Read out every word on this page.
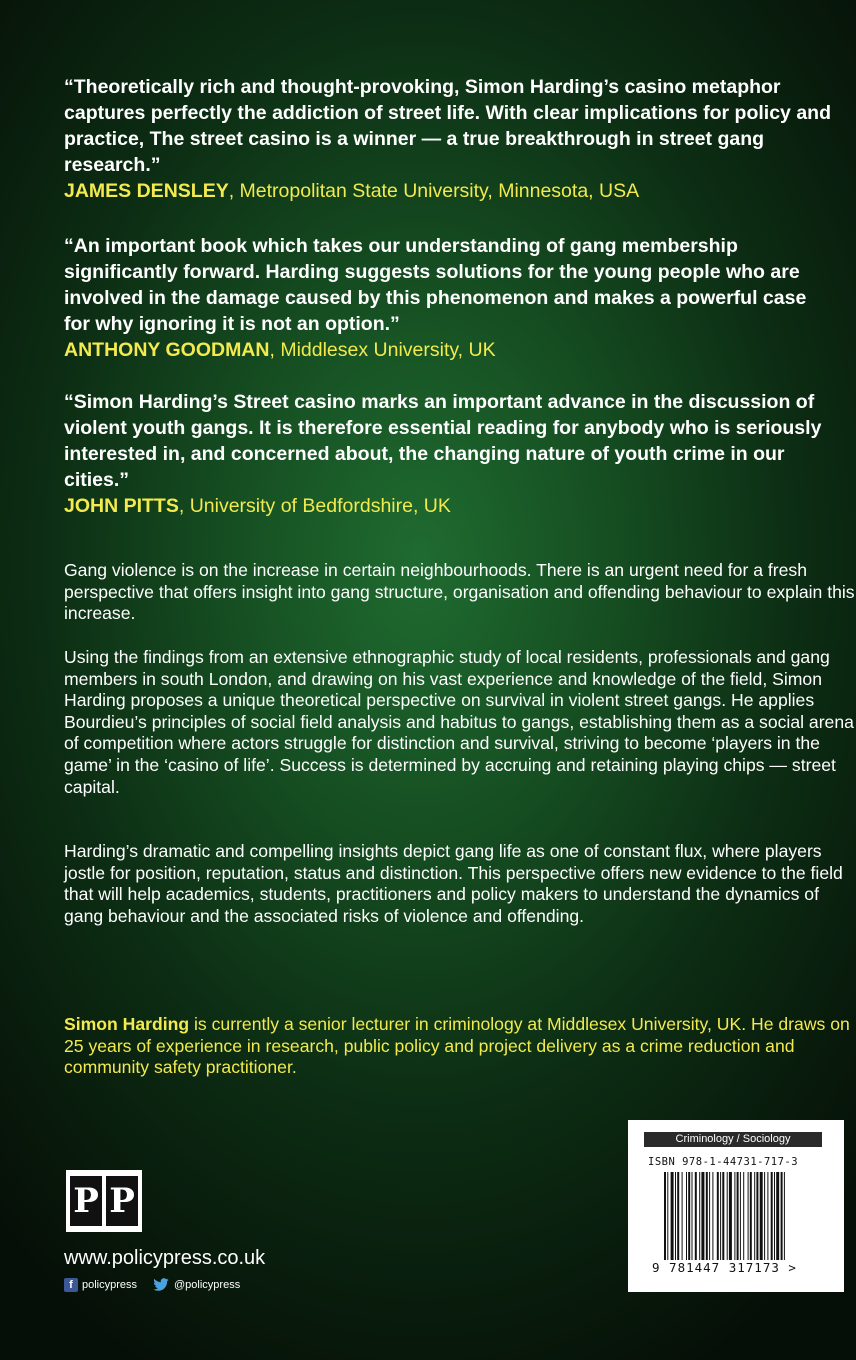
“Theoretically rich and thought-provoking, Simon Harding’s casino metaphor captures perfectly the addiction of street life. With clear implications for policy and practice, The street casino is a winner — a true breakthrough in street gang research.”

JAMES DENSLEY, Metropolitan State University, Minnesota, USA

“An important book which takes our understanding of gang membership significantly forward. Harding suggests solutions for the young people who are involved in the damage caused by this phenomenon and makes a powerful case for why ignoring it is not an option.”

ANTHONY GOODMAN, Middlesex University, UK

“Simon Harding’s Street casino marks an important advance in the discussion of violent youth gangs. It is therefore essential reading for anybody who is seriously interested in, and concerned about, the changing nature of youth crime in our cities.”

JOHN PITTS, University of Bedfordshire, UK

Gang violence is on the increase in certain neighbourhoods. There is an urgent need for a fresh perspective that offers insight into gang structure, organisation and offending behaviour to explain this increase.

Using the findings from an extensive ethnographic study of local residents, professionals and gang members in south London, and drawing on his vast experience and knowledge of the field, Simon Harding proposes a unique theoretical perspective on survival in violent street gangs. He applies Bourdieu’s principles of social field analysis and habitus to gangs, establishing them as a social arena of competition where actors struggle for distinction and survival, striving to become ‘players in the game’ in the ‘casino of life’. Success is determined by accruing and retaining playing chips — street capital.

Harding’s dramatic and compelling insights depict gang life as one of constant flux, where players jostle for position, reputation, status and distinction. This perspective offers new evidence to the field that will help academics, students, practitioners and policy makers to understand the dynamics of gang behaviour and the associated risks of violence and offending.

Simon Harding is currently a senior lecturer in criminology at Middlesex University, UK. He draws on 25 years of experience in research, public policy and project delivery as a crime reduction and community safety practitioner.

P P
www.policypress.co.uk
f policypress	@policypress
Criminology / Sociology
ISBN 978-1-44731-717-3
9 781447 317173 >
